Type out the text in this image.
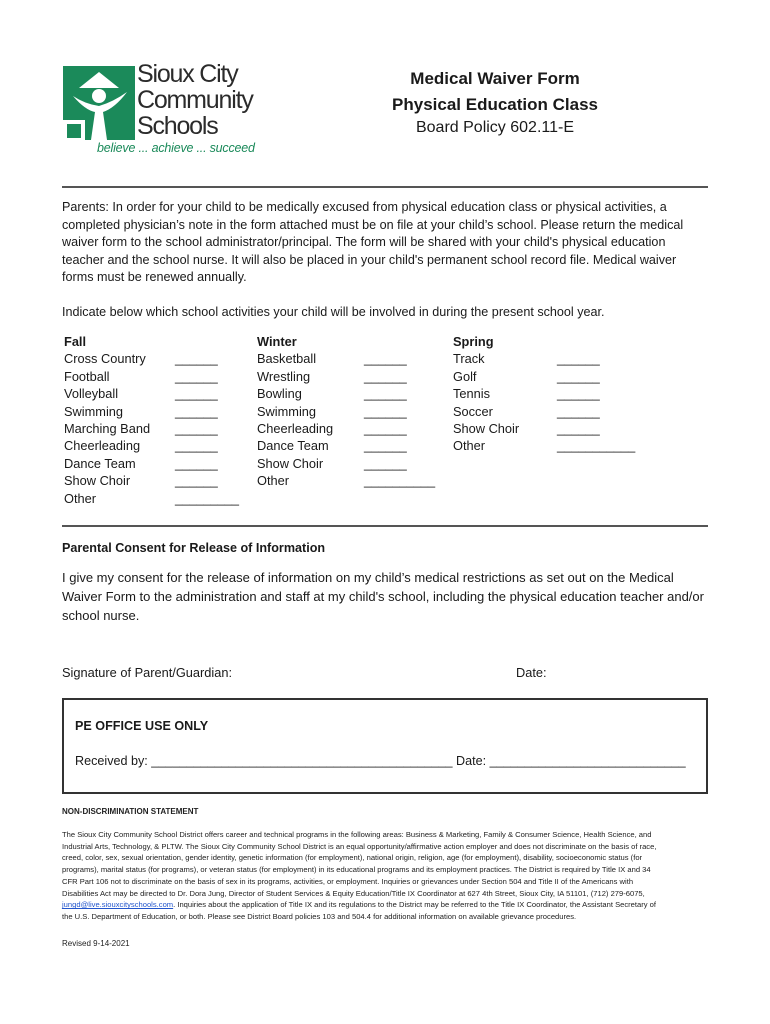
Sioux City
Community
Schools
believe ... achieve ... succeed
Medical Waiver Form
Physical Education Class
Board Policy 602.11-E
Parents: In order for your child to be medically excused from physical education class or physical activities, a
completed physician’s note in the form attached must be on file at your child’s school. Please return the medical
waiver form to the school administrator/principal. The form will be shared with your child's physical education
teacher and the school nurse. It will also be placed in your child's permanent school record file. Medical waiver
forms must be renewed annually.
Indicate below which school activities your child will be involved in during the present school year.
Fall
Cross Country
Football
Volleyball
Swimming
Marching Band
Cheerleading
Dance Team
Show Choir
Other
______
______
______
______
______
______
______
______
_________
Winter
Basketball
Wrestling
Bowling
Swimming
Cheerleading
Dance Team
Show Choir
Other
______
______
______
______
______
______
______
__________
Spring
Track
Golf
Tennis
Soccer
Show Choir
Other
______
______
______
______
______
___________
Parental Consent for Release of Information
I give my consent for the release of information on my child’s medical restrictions as set out on the Medical
Waiver Form to the administration and staff at my child's school, including the physical education teacher and/or
school nurse.
Signature of Parent/Guardian:	Date:
PE OFFICE USE ONLY
Received by: ___________________________________________ Date: ____________________________
NON-DISCRIMINATION STATEMENT
The Sioux City Community School District offers career and technical programs in the following areas: Business & Marketing, Family & Consumer Science, Health Science, and
Industrial Arts, Technology, & PLTW. The Sioux City Community School District is an equal opportunity/affirmative action employer and does not discriminate on the basis of race,
creed, color, sex, sexual orientation, gender identity, genetic information (for employment), national origin, religion, age (for employment), disability, socioeconomic status (for
programs), marital status (for programs), or veteran status (for employment) in its educational programs and its employment practices. The District is required by Title IX and 34
CFR Part 106 not to discriminate on the basis of sex in its programs, activities, or employment. Inquiries or grievances under Section 504 and Title II of the Americans with
Disabilities Act may be directed to Dr. Dora Jung, Director of Student Services & Equity Education/Title IX Coordinator at 627 4th Street, Sioux City, IA 51101, (712) 279-6075,
jungd@live.siouxcityschools.com. Inquiries about the application of Title IX and its regulations to the District may be referred to the Title IX Coordinator, the Assistant Secretary of
the U.S. Department of Education, or both. Please see District Board policies 103 and 504.4 for additional information on available grievance procedures.
Revised 9-14-2021
